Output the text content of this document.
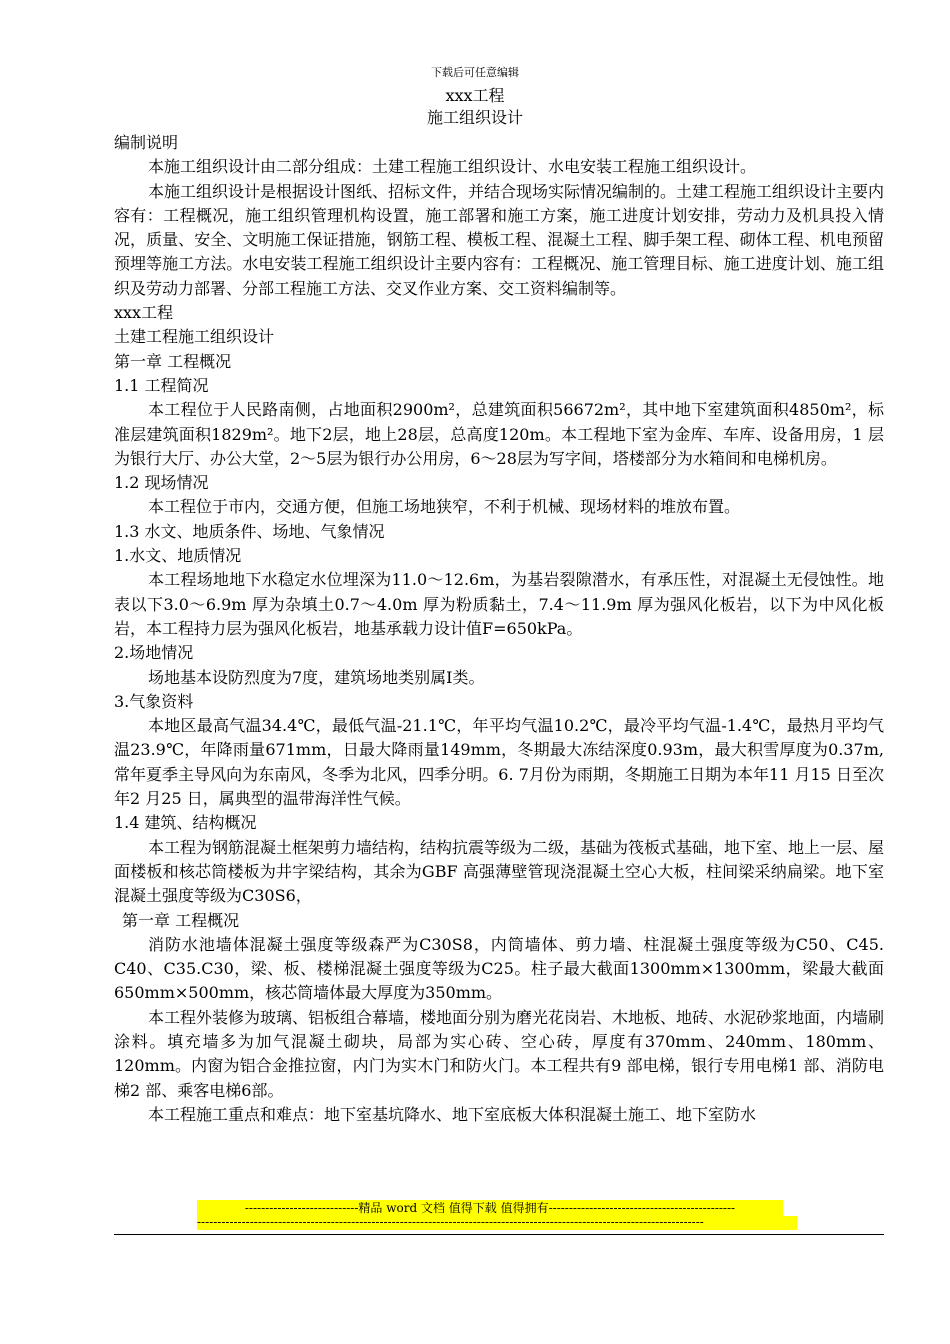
下载后可任意编辑
xxx工程
施工组织设计

编制说明

本施工组织设计由二部分组成：土建工程施工组织设计、水电安装工程施工组织设计。

本施工组织设计是根据设计图纸、招标文件，并结合现场实际情况编制的。土建工程施工组织设计主要内容有：工程概况，施工组织管理机构设置，施工部署和施工方案，施工进度计划安排，劳动力及机具投入情况，质量、安全、文明施工保证措施，钢筋工程、模板工程、混凝土工程、脚手架工程、砌体工程、机电预留预埋等施工方法。水电安装工程施工组织设计主要内容有：工程概况、施工管理目标、施工进度计划、施工组织及劳动力部署、分部工程施工方法、交叉作业方案、交工资料编制等。

xxx工程

土建工程施工组织设计

第一章 工程概况

1.1 工程简况

本工程位于人民路南侧，占地面积2900m²，总建筑面积56672m²，其中地下室建筑面积4850m²，标准层建筑面积1829m²。地下2层，地上28层，总高度120m。本工程地下室为金库、车库、设备用房，1 层为银行大厅、办公大堂，2～5层为银行办公用房，6～28层为写字间，塔楼部分为水箱间和电梯机房。

1.2 现场情况

本工程位于市内，交通方便，但施工场地狭窄，不利于机械、现场材料的堆放布置。

1.3 水文、地质条件、场地、气象情况

1.水文、地质情况

本工程场地地下水稳定水位埋深为11.0～12.6m，为基岩裂隙潜水，有承压性，对混凝土无侵蚀性。地表以下3.0～6.9m 厚为杂填土0.7～4.0m 厚为粉质黏土，7.4～11.9m 厚为强风化板岩，以下为中风化板岩，本工程持力层为强风化板岩，地基承载力设计值F=650kPa。

2.场地情况

场地基本设防烈度为7度，建筑场地类别属Ⅰ类。

3.气象资料

本地区最高气温34.4℃，最低气温-21.1℃，年平均气温10.2℃，最冷平均气温-1.4℃，最热月平均气温23.9℃，年降雨量671mm，日最大降雨量149mm，冬期最大冻结深度0.93m，最大积雪厚度为0.37m,常年夏季主导风向为东南风，冬季为北风，四季分明。6. 7月份为雨期，冬期施工日期为本年11 月15 日至次年2 月25 日，属典型的温带海洋性气候。

1.4 建筑、结构概况

本工程为钢筋混凝土框架剪力墙结构，结构抗震等级为二级，基础为筏板式基础，地下室、地上一层、屋面楼板和核芯筒楼板为井字梁结构，其余为GBF 高强薄壁管现浇混凝土空心大板，柱间梁采纳扁梁。地下室混凝土强度等级为C30S6，

第一章 工程概况

消防水池墙体混凝土强度等级森严为C30S8，内筒墙体、剪力墙、柱混凝土强度等级为C50、C45. C40、C35.C30，梁、板、楼梯混凝土强度等级为C25。柱子最大截面1300mm×1300mm，梁最大截面650mm×500mm，核芯筒墙体最大厚度为350mm。

本工程外装修为玻璃、铝板组合幕墙，楼地面分别为磨光花岗岩、木地板、地砖、水泥砂浆地面，内墙刷涂料。填充墙多为加气混凝土砌块，局部为实心砖、空心砖，厚度有370mm、240mm、180mm、120mm。内窗为铝合金推拉窗，内门为实木门和防火门。本工程共有9 部电梯，银行专用电梯1 部、消防电梯2 部、乘客电梯6部。

本工程施工重点和难点：地下室基坑降水、地下室底板大体积混凝土施工、地下室防水

----------------------------精品 word 文档 值得下载 值得拥有----------------------------------------------
-----------------------------------------------------------------------------------------------------------------------------
